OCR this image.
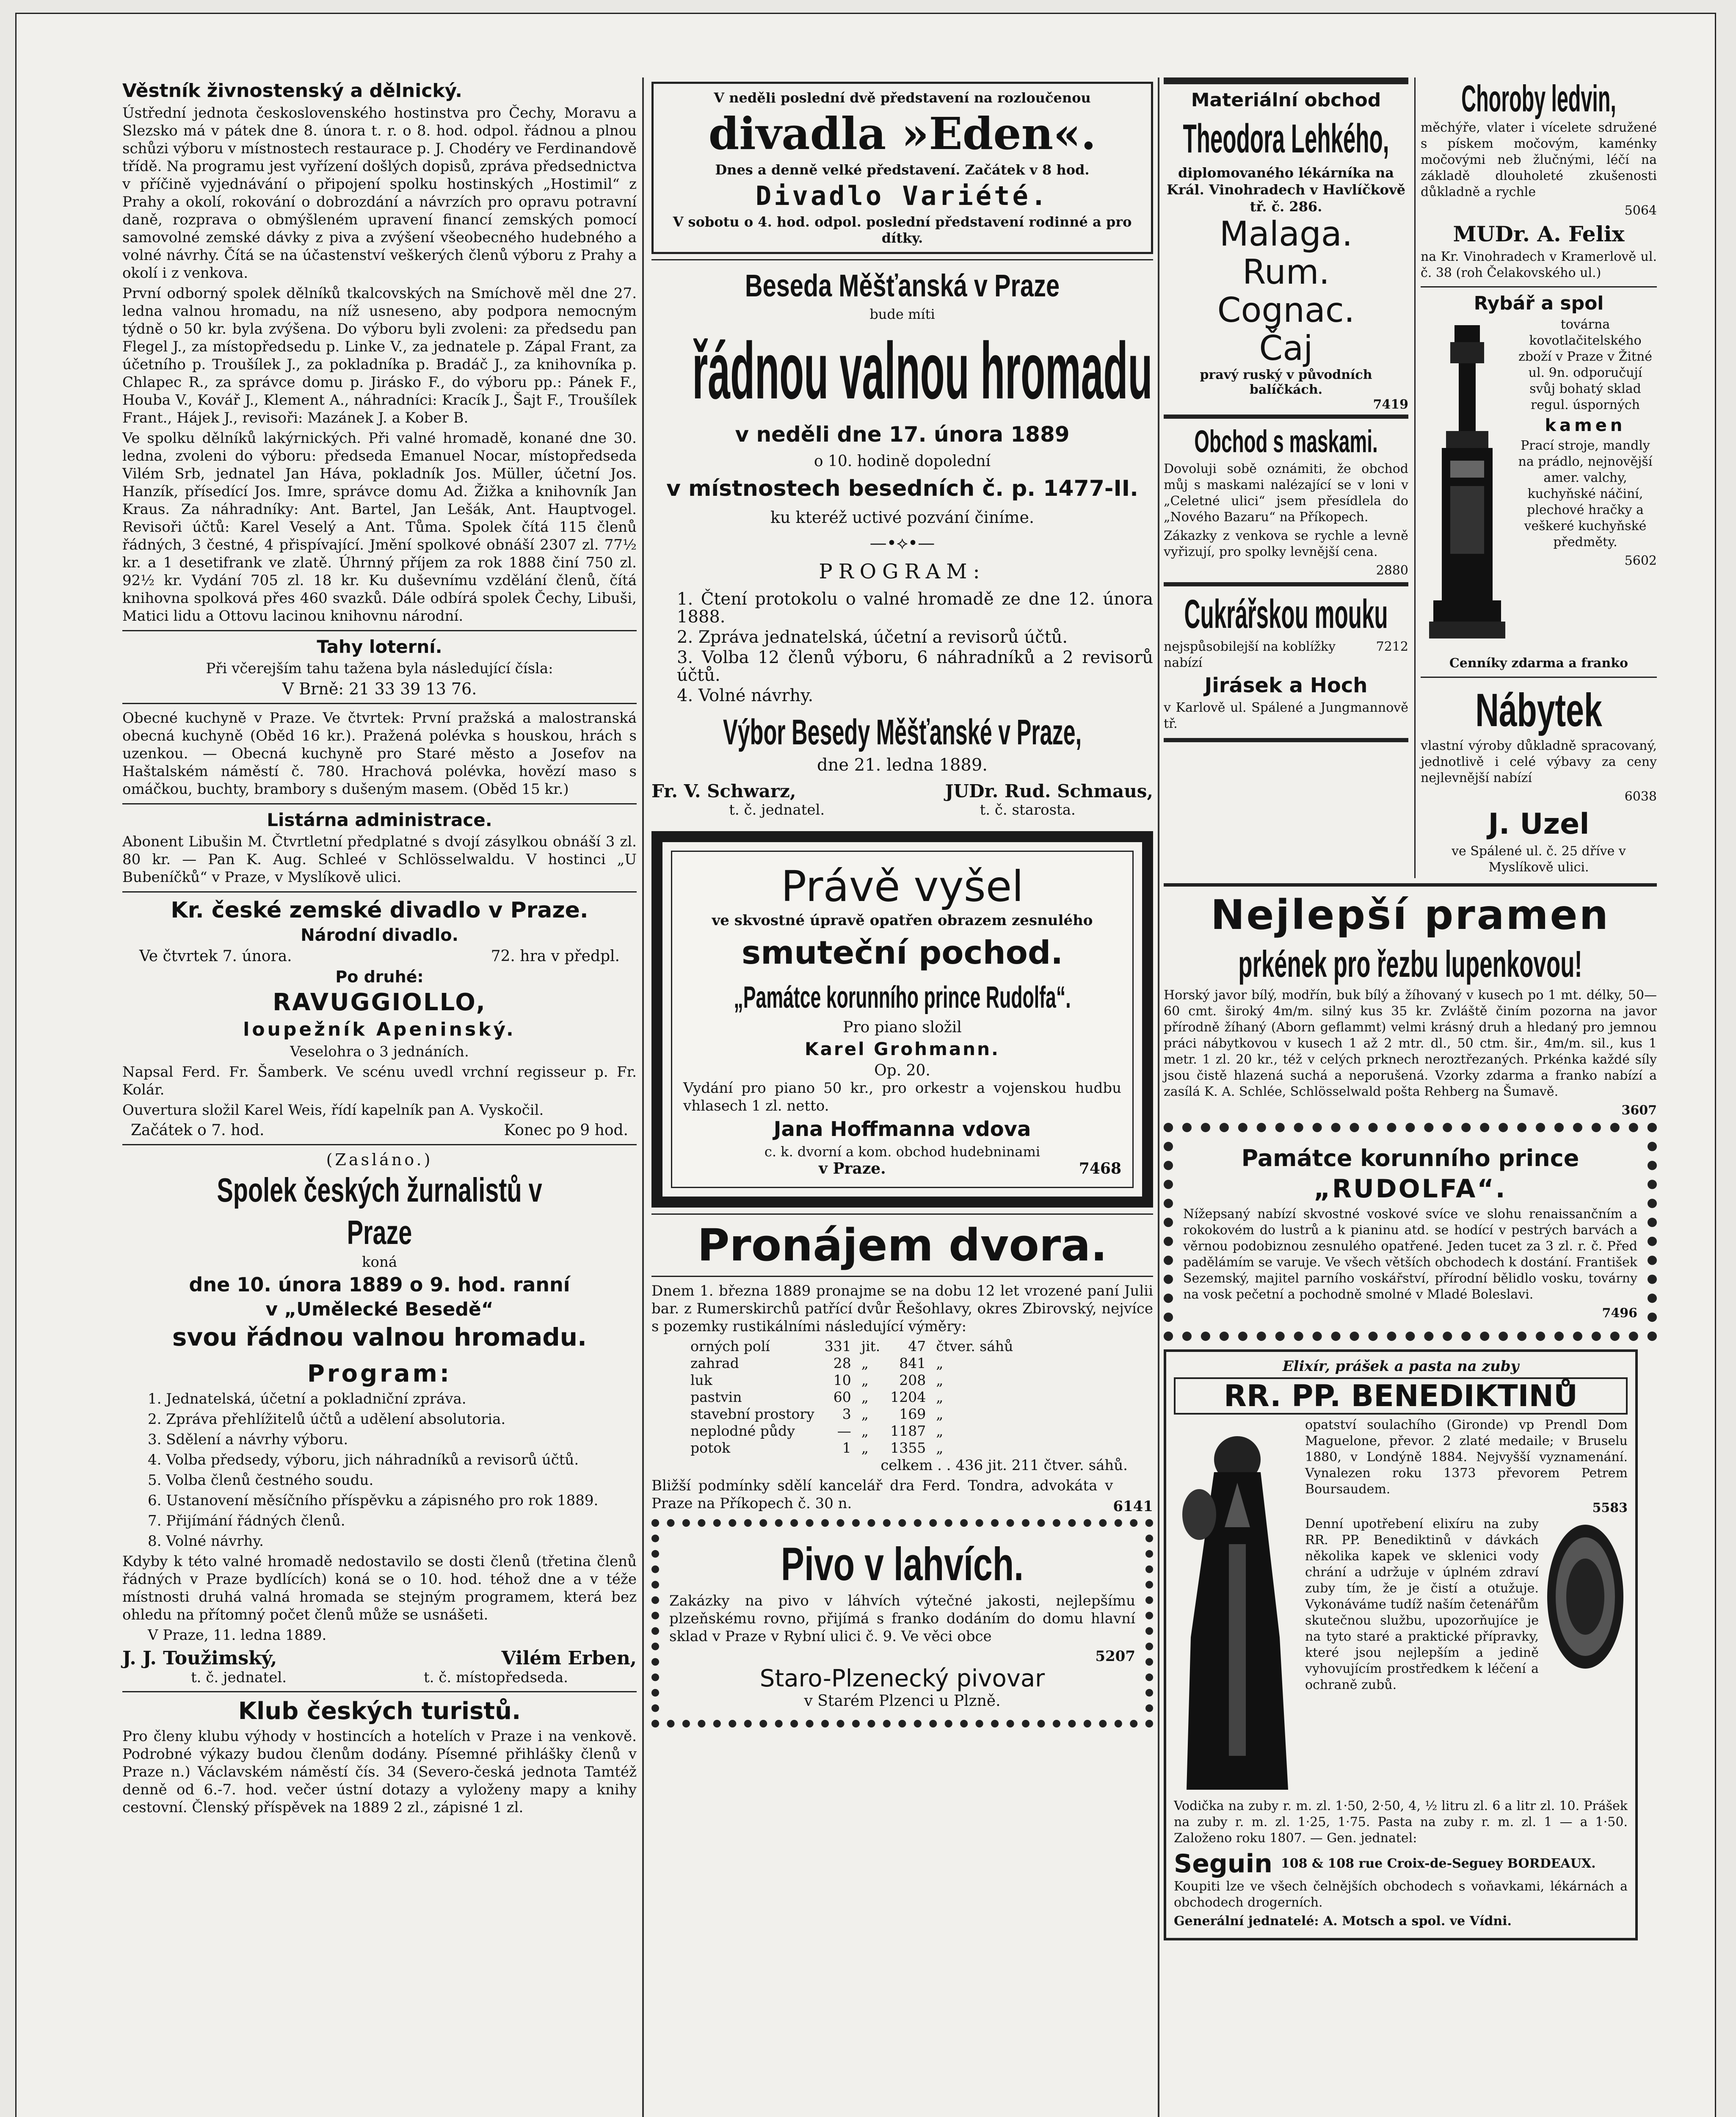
Věstník živnostenský a dělnický.

Ústřední jednota československého hostinstva pro Čechy, Moravu a Slezsko má v pátek dne 8. února t. r. o 8. hod. odpol. řádnou a plnou schůzi výboru v místnostech restaurace p. J. Chodéry ve Ferdinandově třídě. Na programu jest vyřízení došlých dopisů, zpráva předsednictva v příčině vyjednávání o připojení spolku hostinských „Hostimil“ z Prahy a okolí, rokování o dobrozdání a návrzích pro opravu potravní daně, rozprava o obmýšleném upravení financí zemských pomocí samovolné zemské dávky z piva a zvýšení všeobecného hudebného a volné návrhy. Čítá se na účastenství veškerých členů výboru z Prahy a okolí i z venkova.

První odborný spolek dělníků tkalcovských na Smíchově měl dne 27. ledna valnou hromadu, na níž usneseno, aby podpora nemocným týdně o 50 kr. byla zvýšena. Do výboru byli zvoleni: za předsedu pan Flegel J., za místopředsedu p. Linke V., za jednatele p. Zápal Frant, za účetního p. Troušílek J., za pokladníka p. Bradáč J., za knihovníka p. Chlapec R., za správce domu p. Jirásko F., do výboru pp.: Pánek F., Houba V., Kovář J., Klement A., náhradníci: Kracík J., Šajt F., Troušílek Frant., Hájek J., revisoři: Mazánek J. a Kober B.

Ve spolku dělníků lakýrnických. Při valné hromadě, konané dne 30. ledna, zvoleni do výboru: předseda Emanuel Nocar, místopředseda Vilém Srb, jednatel Jan Háva, pokladník Jos. Müller, účetní Jos. Hanzík, přísedící Jos. Imre, správce domu Ad. Žižka a knihovník Jan Kraus. Za náhradníky: Ant. Bartel, Jan Lešák, Ant. Hauptvogel. Revisoři účtů: Karel Veselý a Ant. Tůma. Spolek čítá 115 členů řádných, 3 čestné, 4 přispívající. Jmění spolkové obnáší 2307 zl. 77½ kr. a 1 desetifrank ve zlatě. Úhrnný příjem za rok 1888 činí 750 zl. 92½ kr. Vydání 705 zl. 18 kr. Ku duševnímu vzdělání členů, čítá knihovna spolková přes 460 svazků. Dále odbírá spolek Čechy, Libuši, Matici lidu a Ottovu lacinou knihovnu národní.

Tahy loterní.

Při včerejším tahu tažena byla následující čísla:

V Brně: 21 33 39 13 76.

Obecné kuchyně v Praze. Ve čtvrtek: První pražská a malostranská obecná kuchyně (Oběd 16 kr.). Pražená polévka s houskou, hrách s uzenkou. — Obecná kuchyně pro Staré město a Josefov na Haštalském náměstí č. 780. Hrachová polévka, hovězí maso s omáčkou, buchty, brambory s dušeným masem. (Oběd 15 kr.)

Listárna administrace.

Abonent Libušin M. Čtvrtletní předplatné s dvojí zásylkou obnáší 3 zl. 80 kr. — Pan K. Aug. Schleé v Schlösselwaldu. V hostinci „U Bubeníčků“ v Praze, v Myslíkově ulici.

Kr. české zemské divadlo v Praze.
Národní divadlo.
Ve čtvrtek 7. února.	72. hra v předpl.
Po druhé:
RAVUGGIOLLO,
loupežník Apeninský.

Veselohra o 3 jednáních.

Napsal Ferd. Fr. Šamberk. Ve scénu uvedl vrchní regisseur p. Fr. Kolár.

Ouvertura složil Karel Weis, řídí kapelník pan A. Vyskočil.

Začátek o 7. hod.	Konec po 9 hod.
(Zasláno.)
Spolek českých žurnalistů v Praze
koná
dne 10. února 1889 o 9. hod. ranní
v „Umělecké Besedě“
svou řádnou valnou hromadu.
Program:

1. Jednatelská, účetní a pokladniční zpráva.

2. Zpráva přehlížitelů účtů a udělení absolutoria.

3. Sdělení a návrhy výboru.

4. Volba předsedy, výboru, jich náhradníků a revisorů účtů.

5. Volba členů čestného soudu.

6. Ustanovení měsíčního příspěvku a zápisného pro rok 1889.

7. Přijímání řádných členů.

8. Volné návrhy.

Kdyby k této valné hromadě nedostavilo se dosti členů (třetina členů řádných v Praze bydlících) koná se o 10. hod. téhož dne a v téže místnosti druhá valná hromada se stejným programem, která bez ohledu na přítomný počet členů může se usnášeti.

V Praze, 11. ledna 1889.

J. J. Toužimský,	Vilém Erben,
t. č. jednatel.	t. č. místopředseda.
Klub českých turistů.

Pro členy klubu výhody v hostincích a hotelích v Praze i na venkově. Podrobné výkazy budou členům dodány. Písemné přihlášky členů v Praze n.) Václavském náměstí čís. 34 (Severo-česká jednota Tamtéž denně od 6.-7. hod. večer ústní dotazy a vyloženy mapy a knihy cestovní. Členský příspěvek na 1889 2 zl., zápisné 1 zl.

V neděli poslední dvě představení na rozloučenou
divadla »Eden«.
Dnes a denně velké představení. Začátek v 8 hod.
Divadlo Variété.
V sobotu o 4. hod. odpol. poslední představení rodinné a pro dítky.
Beseda Měšťanská v Praze
bude míti
řádnou valnou hromadu
v neděli dne 17. února 1889
o 10. hodině dopolední
v místnostech besedních č. p. 1477-II.
ku kteréž uctivé pozvání činíme.
—•⟡•—
PROGRAM:

1. Čtení protokolu o valné hromadě ze dne 12. února 1888.

2. Zpráva jednatelská, účetní a revisorů účtů.

3. Volba 12 členů výboru, 6 náhradníků a 2 revisorů účtů.

4. Volné návrhy.

Výbor Besedy Měšťanské v Praze,
dne 21. ledna 1889.
Fr. V. Schwarz,	JUDr. Rud. Schmaus,
t. č. jednatel.	t. č. starosta.
Právě vyšel
ve skvostné úpravě opatřen obrazem zesnulého
smuteční pochod.
„Památce korunního prince Rudolfa“.
Pro piano složil
Karel Grohmann.
Op. 20.

Vydání pro piano 50 kr., pro orkestr a vojenskou hudbu vhlasech 1 zl. netto.

Jana Hoffmanna vdova
c. k. dvorní a kom. obchod hudebninami
v Praze.	7468
Pronájem dvora.

Dnem 1. března 1889 pronajme se na dobu 12 let vrozené paní Julii bar. z Rumerskirchů patřící dvůr Řešohlavy, okres Zbirovský, nejvíce s pozemky rustikálními následující výměry:

orných polí	331	jit.	47	čtver. sáhů
zahrad	28	„	841	„
luk	10	„	208	„
pastvin	60	„	1204	„
stavební prostory	3	„	169	„
neplodné půdy	—	„	1187	„
potok	1	„	1355	„

celkem . . 436 jit. 211 čtver. sáhů.

Bližší podmínky sdělí kancelář dra Ferd. Tondra, advokáta v Praze na Příkopech č. 30 n.	6141
Pivo v lahvích.

Zakázky na pivo v láhvích výtečné jakosti, nejlepšímu plzeňskému rovno, přijímá s franko dodáním do domu hlavní sklad v Praze v Rybní ulici č. 9. Ve věci obce

5207
Staro-Plzenecký pivovar
v Starém Plzenci u Plzně.
Materiální obchod
Theodora Lehkého,
diplomovaného lékárníka na Král. Vinohradech v Havlíčkově tř. č. 286.
Malaga.
Rum.
Cognac.
Čaj
pravý ruský v původních balíčkách.
7419
Obchod s maskami.

Dovoluji sobě oznámiti, že obchod můj s maskami nalézající se v loni v „Celetné ulici“ jsem přesídlela do „Nového Bazaru“ na Příkopech.

Zákazky z venkova se rychle a levně vyřizují, pro spolky levnější cena.

2880
Cukrářskou mouku
nejspůsobilejší na koblížky nabízí
7212
Jirásek a Hoch

v Karlově ul. Spálené a Jungmannově tř.

Choroby ledvin,

měchýře, vlater i vícelete sdružené s pískem močovým, kaménky močovými neb žlučnými, léčí na základě dlouholeté zkušenosti důkladně a rychle

5064
MUDr. A. Felix

na Kr. Vinohradech v Kramerlově ul. č. 38 (roh Čelakovského ul.)

Rybář a spol

továrna kovotlačitelského zboží v Praze v Žitné ul. 9n. odporučují svůj bohatý sklad regul. úsporných

kamen

Prací stroje, mandly na prádlo, nejnovější amer. valchy, kuchyňské náčiní, plechové hračky a veškeré kuchyňské předměty.

5602
Cenníky zdarma a franko
Nábytek

vlastní výroby důkladně spracovaný, jednotlivě i celé výbavy za ceny nejlevnější nabízí

6038
J. Uzel

ve Spálené ul. č. 25 dříve v Myslíkově ulici.

Nejlepší pramen
prkének pro řezbu lupenkovou!

Horský javor bílý, modřín, buk bílý a žíhovaný v kusech po 1 mt. délky, 50—60 cmt. široký 4m/m. silný kus 35 kr. Zvláště činím pozorna na javor přírodně žíhaný (Aborn geflammt) velmi krásný druh a hledaný pro jemnou práci nábytkovou v kusech 1 až 2 mtr. dl., 50 ctm. šir., 4m/m. sil., kus 1 metr. 1 zl. 20 kr., též v celých prknech neroztřezaných. Prkénka každé síly jsou čistě hlazená suchá a neporušená. Vzorky zdarma a franko nabízí a zasílá K. A. Schlée, Schlösselwald pošta Rehberg na Šumavě.

3607
Památce korunního prince
„RUDOLFA“.

Nížepsaný nabízí skvostné voskové svíce ve slohu renaissančním a rokokovém do lustrů a k pianinu atd. se hodící v pestrých barvách a věrnou podobiznou zesnulého opatřené. Jeden tucet za 3 zl. r. č. Před padělámím se varuje. Ve všech větších obchodech k dostání. František Sezemský, majitel parního voskářství, přírodní bělidlo vosku, továrny na vosk pečetní a pochodně smolné v Mladé Boleslavi.

7496
Elixír, prášek a pasta na zuby
RR. PP. BENEDIKTINŮ

opatství soulachího (Gironde) vp Prendl Dom Maguelone, převor. 2 zlaté medaile; v Bruselu 1880, v Londýně 1884. Nejvyšší vyznamenání. Vynalezen roku 1373 převorem Petrem Boursaudem.

5583

Denní upotřebení elixíru na zuby RR. PP. Benediktinů v dávkách několika kapek ve sklenici vody chrání a udržuje v úplném zdraví zuby tím, že je čistí a otužuje. Vykonáváme tudíž naším četenářům skutečnou službu, upozorňujíce je na tyto staré a praktické přípravky, které jsou nejlepším a jedině vyhovujícím prostředkem k léčení a ochraně zubů.

Vodička na zuby r. m. zl. 1·50, 2·50, 4, ½ litru zl. 6 a litr zl. 10. Prášek na zuby r. m. zl. 1·25, 1·75. Pasta na zuby r. m. zl. 1 — a 1·50. Založeno roku 1807. — Gen. jednatel:

Seguin 108 & 108 rue Croix-de-Seguey BORDEAUX.

Koupiti lze ve všech čelnějších obchodech s voňavkami, lékárnách a obchodech drogerních.

Generální jednatelé: A. Motsch a spol. ve Vídni.
